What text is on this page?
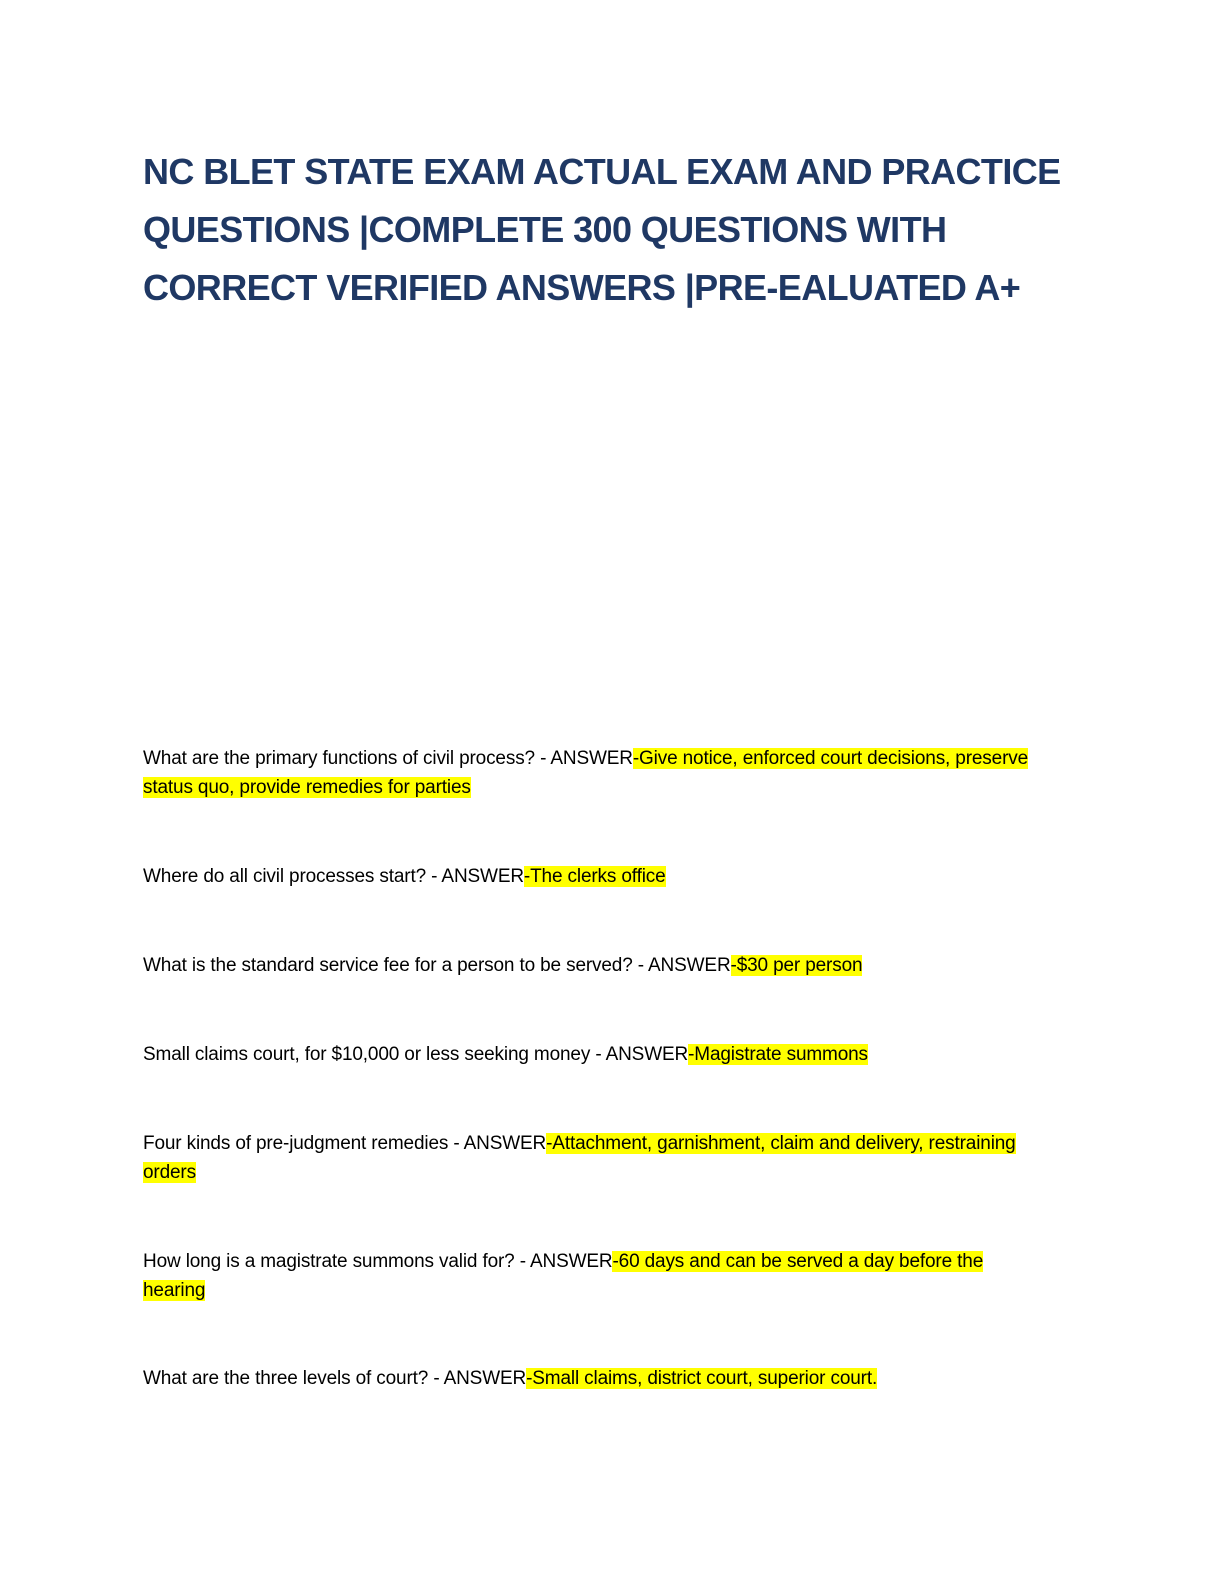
NC BLET STATE EXAM ACTUAL EXAM AND PRACTICE QUESTIONS |COMPLETE 300 QUESTIONS WITH CORRECT VERIFIED ANSWERS |PRE-EALUATED A+
What are the primary functions of civil process? - ANSWER-Give notice, enforced court decisions, preserve status quo, provide remedies for parties
Where do all civil processes start? - ANSWER-The clerks office
What is the standard service fee for a person to be served? - ANSWER-$30 per person
Small claims court, for $10,000 or less seeking money - ANSWER-Magistrate summons
Four kinds of pre-judgment remedies - ANSWER-Attachment, garnishment, claim and delivery, restraining orders
How long is a magistrate summons valid for? - ANSWER-60 days and can be served a day before the hearing
What are the three levels of court? - ANSWER-Small claims, district court, superior court.
